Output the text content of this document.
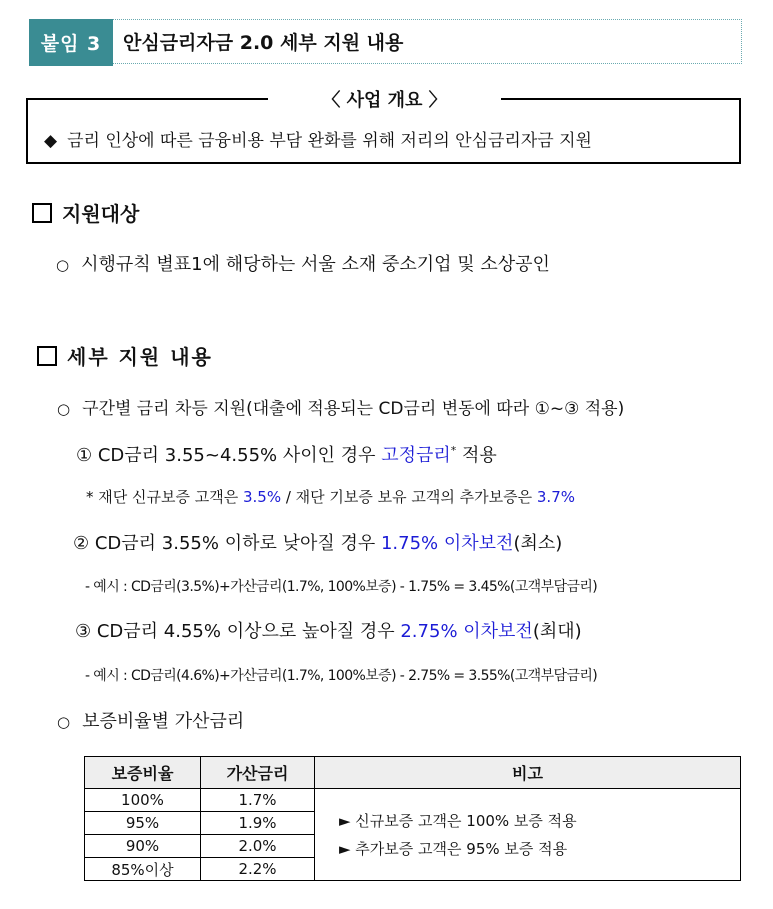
붙임 3	안심금리자금 2.0 세부 지원 내용
〈 사업 개요 〉
◆ 금리 인상에 따른 금융비용 부담 완화를 위해 저리의 안심금리자금 지원
지원대상
○ 시행규칙 별표1에 해당하는 서울 소재 중소기업 및 소상공인
세부 지원 내용
○ 구간별 금리 차등 지원(대출에 적용되는 CD금리 변동에 따라 ①~③ 적용)
① CD금리 3.55~4.55% 사이인 경우 고정금리* 적용
* 재단 신규보증 고객은 3.5% / 재단 기보증 보유 고객의 추가보증은 3.7%
② CD금리 3.55% 이하로 낮아질 경우 1.75% 이차보전(최소)
- 예시 : CD금리(3.5%)+가산금리(1.7%, 100%보증) - 1.75% = 3.45%(고객부담금리)
③ CD금리 4.55% 이상으로 높아질 경우 2.75% 이차보전(최대)
- 예시 : CD금리(4.6%)+가산금리(1.7%, 100%보증) - 2.75% = 3.55%(고객부담금리)
○ 보증비율별 가산금리
보증비율	가산금리	비고
100%	1.7%	► 신규보증 고객은 100% 보증 적용
► 추가보증 고객은 95% 보증 적용

95%	1.9%	
90%	2.0%	
85%이상	2.2%	
